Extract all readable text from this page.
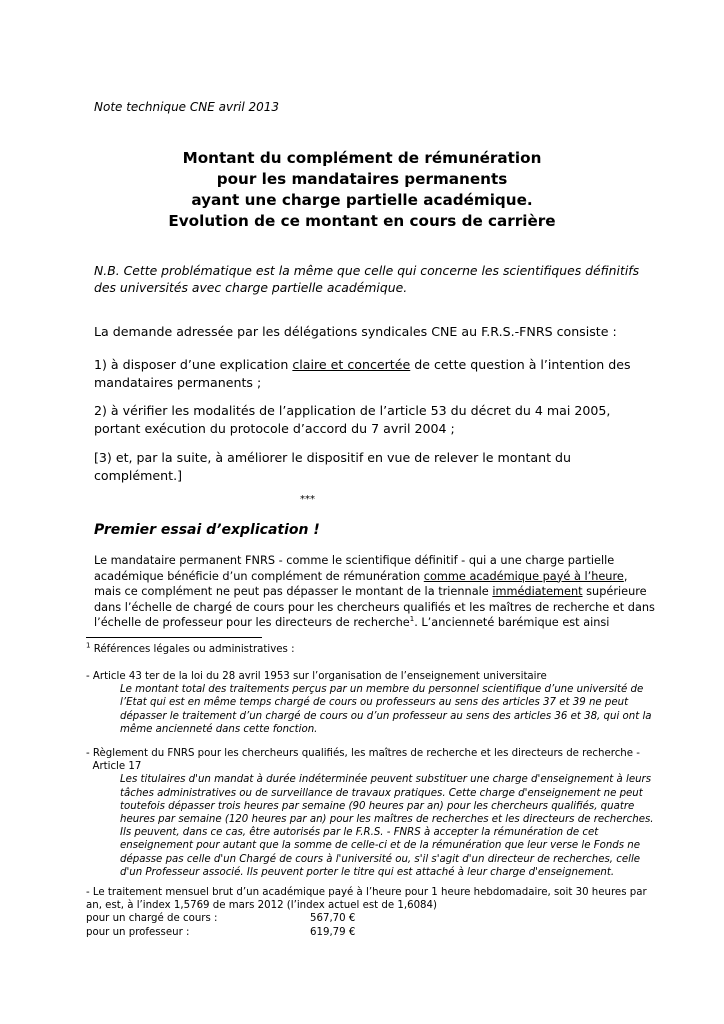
Note technique CNE avril 2013
Montant du complément de rémunération
pour les mandataires permanents
ayant une charge partielle académique.
Evolution de ce montant en cours de carrière
N.B. Cette problématique est la même que celle qui concerne les scientifiques définitifs
des universités avec charge partielle académique.
La demande adressée par les délégations syndicales CNE au F.R.S.-FNRS consiste :
1) à disposer d’une explication claire et concertée de cette question à l’intention des
mandataires permanents ;
2) à vérifier les modalités de l’application de l’article 53 du décret du 4 mai 2005,
portant exécution du protocole d’accord du 7 avril 2004 ;
[3) et, par la suite, à améliorer le dispositif en vue de relever le montant du
complément.]
***
Premier essai d’explication !
Le mandataire permanent FNRS - comme le scientifique définitif - qui a une charge partielle
académique bénéficie d’un complément de rémunération comme académique payé à l’heure,
mais ce complément ne peut pas dépasser le montant de la triennale immédiatement supérieure
dans l’échelle de chargé de cours pour les chercheurs qualifiés et les maîtres de recherche et dans
l’échelle de professeur pour les directeurs de recherche$^1$. L’ancienneté barémique est ainsi
$^1$ Références légales ou administratives :
- Article 43 ter de la loi du 28 avril 1953 sur l’organisation de l’enseignement universitaire
Le montant total des traitements perçus par un membre du personnel scientifique d’une université de
l’Etat qui est en même temps chargé de cours ou professeurs au sens des articles 37 et 39 ne peut
dépasser le traitement d’un chargé de cours ou d’un professeur au sens des articles 36 et 38, qui ont la
même ancienneté dans cette fonction.
- Règlement du FNRS pour les chercheurs qualifiés, les maîtres de recherche et les directeurs de recherche -
Article 17
Les titulaires d'un mandat à durée indéterminée peuvent substituer une charge d'enseignement à leurs
tâches administratives ou de surveillance de travaux pratiques. Cette charge d'enseignement ne peut
toutefois dépasser trois heures par semaine (90 heures par an) pour les chercheurs qualifiés, quatre
heures par semaine (120 heures par an) pour les maîtres de recherches et les directeurs de recherches.
Ils peuvent, dans ce cas, être autorisés par le F.R.S. - FNRS à accepter la rémunération de cet
enseignement pour autant que la somme de celle-ci et de la rémunération que leur verse le Fonds ne
dépasse pas celle d'un Chargé de cours à l'université ou, s'il s'agit d'un directeur de recherches, celle
d'un Professeur associé. Ils peuvent porter le titre qui est attaché à leur charge d'enseignement.
- Le traitement mensuel brut d’un académique payé à l’heure pour 1 heure hebdomadaire, soit 30 heures par
an, est, à l’index 1,5769 de mars 2012 (l’index actuel est de 1,6084)
pour un chargé de cours :	567,70 €
pour un professeur :	619,79 €
